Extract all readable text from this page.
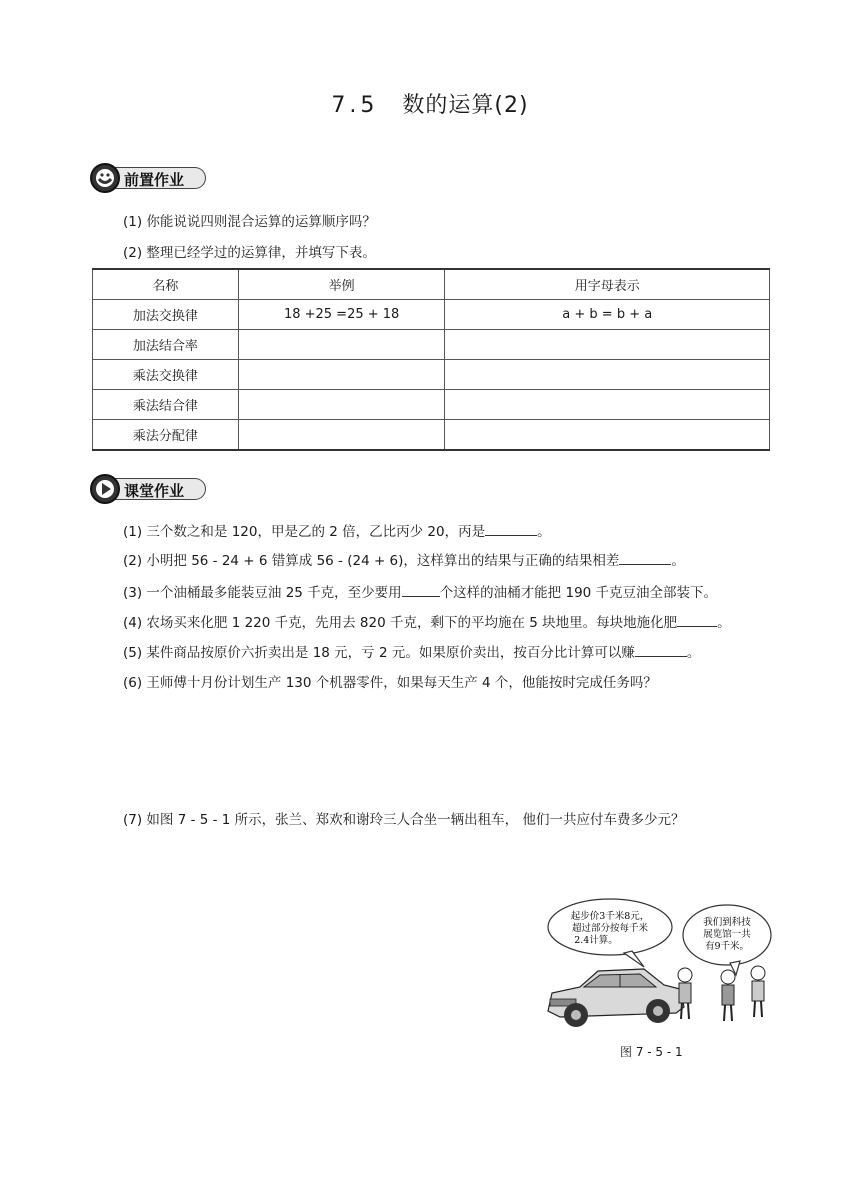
7.5 数的运算(2)
前置作业
(1) 你能说说四则混合运算的运算顺序吗？
(2) 整理已经学过的运算律，并填写下表。
名称	举例	用字母表示
加法交换律	18 +25 =25 + 18	a + b = b + a
加法结合率		
乘法交换律		
乘法结合律		
乘法分配律		
课堂作业
(1) 三个数之和是 120，甲是乙的 2 倍，乙比丙少 20，丙是	。
(2) 小明把 56 - 24 + 6 错算成 56 - (24 + 6)，这样算出的结果与正确的结果相差	。
(3) 一个油桶最多能装豆油 25 千克，至少要用	个这样的油桶才能把 190 千克豆油全部装下。
(4) 农场买来化肥 1 220 千克，先用去 820 千克，剩下的平均施在 5 块地里。每块地施化肥	。
(5) 某件商品按原价六折卖出是 18 元，亏 2 元。如果原价卖出，按百分比计算可以赚	。
(6) 王师傅十月份计划生产 130 个机器零件，如果每天生产 4 个，他能按时完成任务吗？
(7) 如图 7 - 5 - 1 所示，张兰、郑欢和谢玲三人合坐一辆出租车， 他们一共应付车费多少元？
起步价3千米8元，
超过部分按每千米
2.4计算。
我们到科技
展览馆一共
有9千米。
图 7 - 5 - 1
